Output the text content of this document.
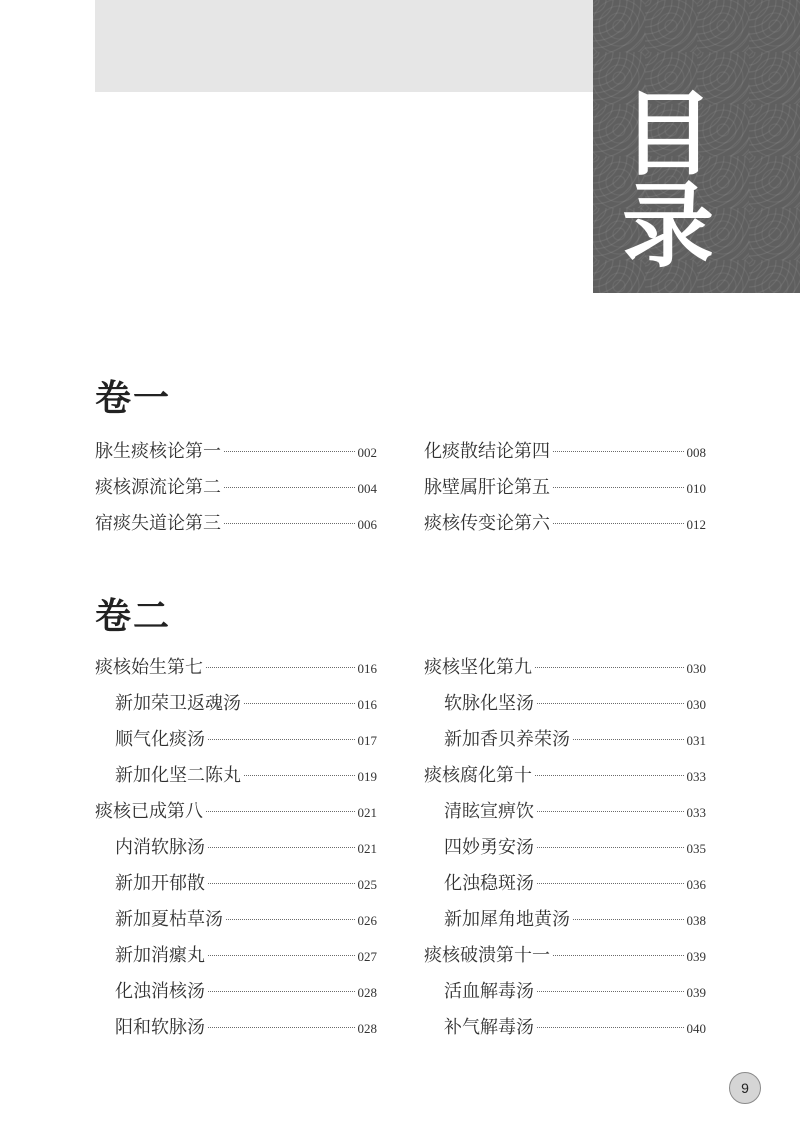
目
录
卷一
脉生痰核论第一	002
痰核源流论第二	004
宿痰失道论第三	006
化痰散结论第四	008
脉壁属肝论第五	010
痰核传变论第六	012
卷二
痰核始生第七	016
新加荣卫返魂汤	016
顺气化痰汤	017
新加化坚二陈丸	019
痰核已成第八	021
内消软脉汤	021
新加开郁散	025
新加夏枯草汤	026
新加消瘰丸	027
化浊消核汤	028
阳和软脉汤	028
痰核坚化第九	030
软脉化坚汤	030
新加香贝养荣汤	031
痰核腐化第十	033
清眩宣痹饮	033
四妙勇安汤	035
化浊稳斑汤	036
新加犀角地黄汤	038
痰核破溃第十一	039
活血解毒汤	039
补气解毒汤	040
9
